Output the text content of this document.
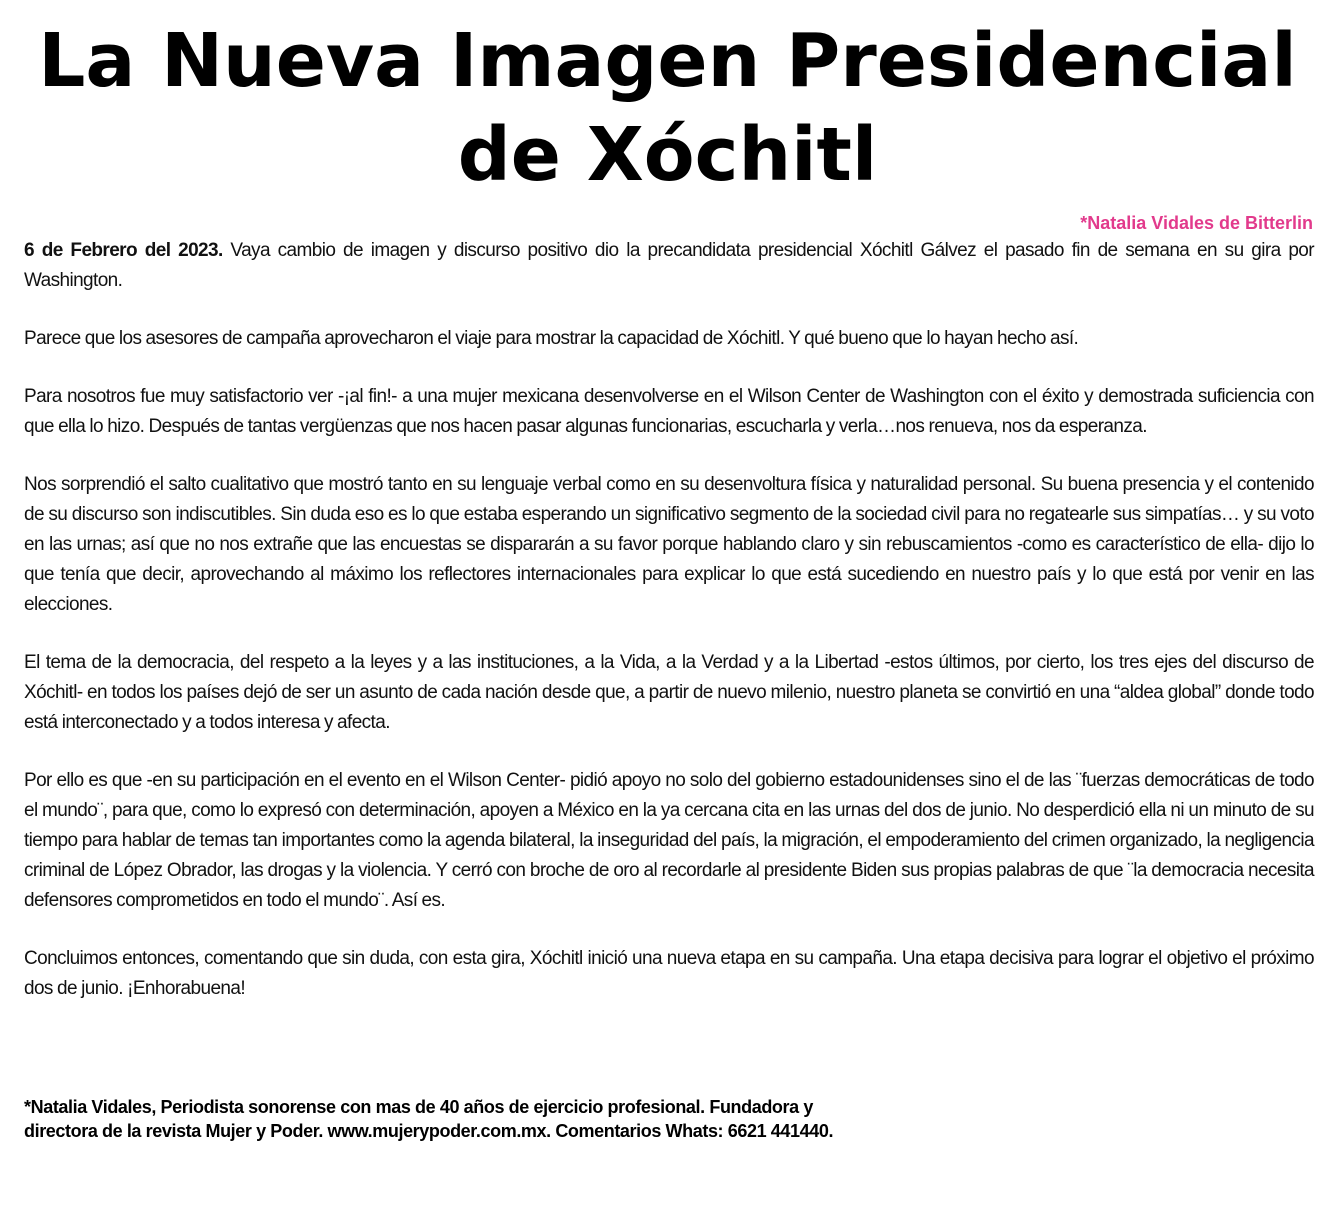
La Nueva Imagen Presidencial
de Xóchitl
*Natalia Vidales de Bitterlin

6 de Febrero del 2023. Vaya cambio de imagen y discurso positivo dio la precandidata presidencial Xóchitl Gálvez el pasado fin de semana en su gira por Washington.

Parece que los asesores de campaña aprovecharon el viaje para mostrar la capacidad de Xóchitl. Y qué bueno que lo hayan hecho así.

Para nosotros fue muy satisfactorio ver -¡al fin!- a una mujer mexicana desenvolverse en el Wilson Center de Washington con el éxito y demostrada suficiencia con que ella lo hizo. Después de tantas vergüenzas que nos hacen pasar algunas funcionarias, escucharla y verla…nos renueva, nos da esperanza.

Nos sorprendió el salto cualitativo que mostró tanto en su lenguaje verbal como en su desenvoltura física y naturalidad personal. Su buena presencia y el contenido de su discurso son indiscutibles. Sin duda eso es lo que estaba esperando un significativo segmento de la sociedad civil para no regatearle sus simpatías… y su voto en las urnas; así que no nos extrañe que las encuestas se dispararán a su favor porque hablando claro y sin rebuscamientos -como es característico de ella- dijo lo que tenía que decir, aprovechando al máximo los reflectores internacionales para explicar lo que está sucediendo en nuestro país y lo que está por venir en las elecciones.

El tema de la democracia, del respeto a la leyes y a las instituciones, a la Vida, a la Verdad y a la Libertad -estos últimos, por cierto, los tres ejes del discurso de Xóchitl- en todos los países dejó de ser un asunto de cada nación desde que, a partir de nuevo milenio, nuestro planeta se convirtió en una “aldea global” donde todo está interconectado y a todos interesa y afecta.

Por ello es que -en su participación en el evento en el Wilson Center- pidió apoyo no solo del gobierno estadounidenses sino el de las ¨fuerzas democráticas de todo el mundo¨, para que, como lo expresó con determinación, apoyen a México en la ya cercana cita en las urnas del dos de junio. No desperdició ella ni un minuto de su tiempo para hablar de temas tan importantes como la agenda bilateral, la inseguridad del país, la migración, el empoderamiento del crimen organizado, la negligencia criminal de López Obrador, las drogas y la violencia. Y cerró con broche de oro al recordarle al presidente Biden sus propias palabras de que ¨la democracia necesita defensores comprometidos en todo el mundo¨. Así es.

Concluimos entonces, comentando que sin duda, con esta gira, Xóchitl inició una nueva etapa en su campaña. Una etapa decisiva para lograr el objetivo el próximo dos de junio. ¡Enhorabuena!

*Natalia Vidales, Periodista sonorense con mas de 40 años de ejercicio profesional. Fundadora y
directora de la revista Mujer y Poder. www.mujerypoder.com.mx. Comentarios Whats: 6621 441440.
